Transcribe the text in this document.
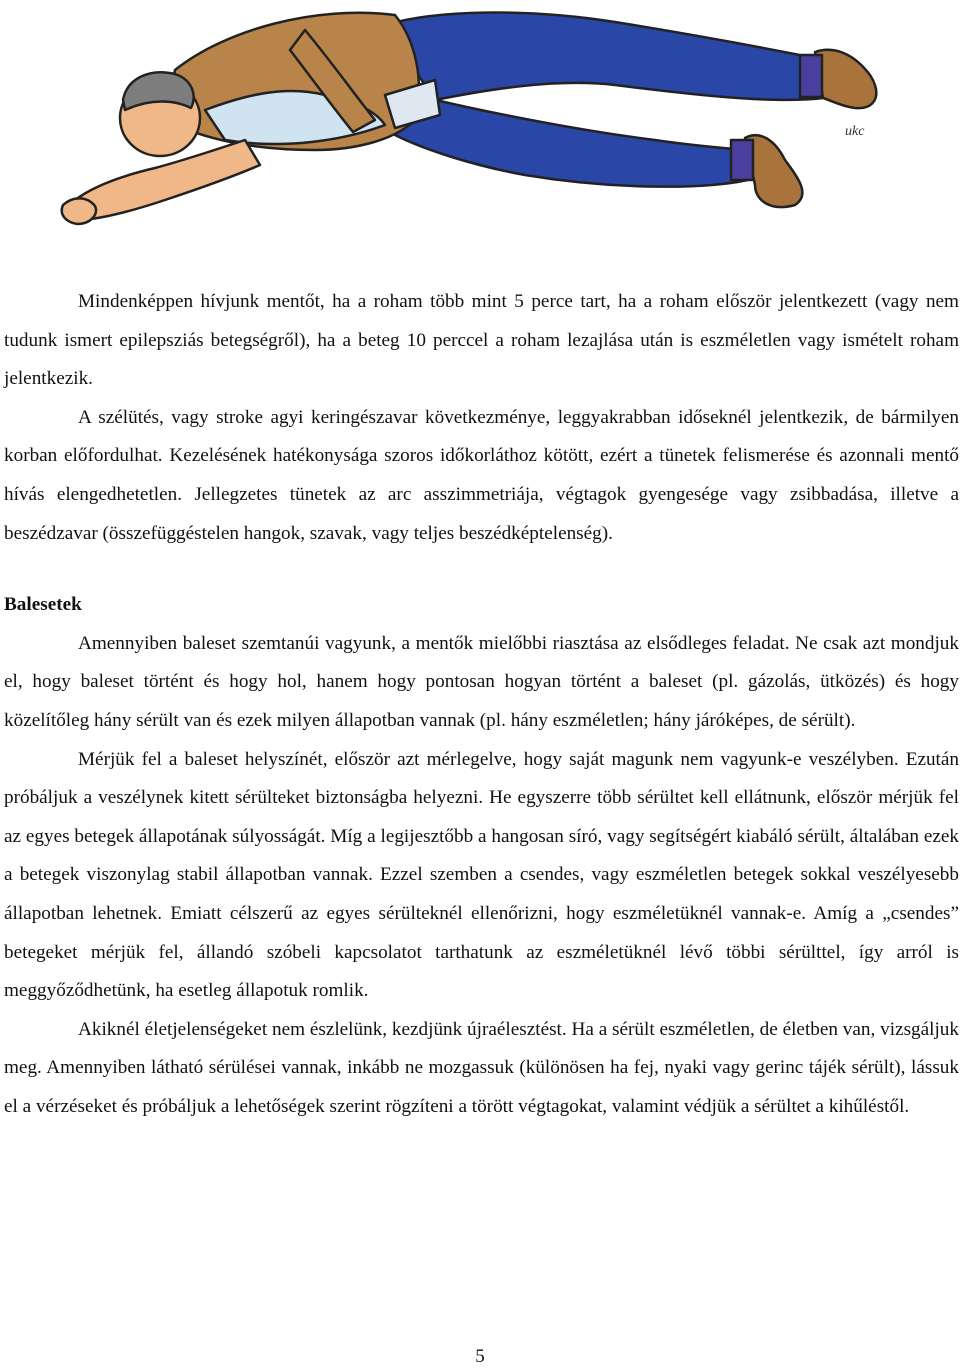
ukc

Mindenképpen hívjunk mentőt, ha a roham több mint 5 perce tart, ha a roham először jelentkezett (vagy nem tudunk ismert epilepsziás betegségről), ha a beteg 10 perccel a roham lezajlása után is eszméletlen vagy ismételt roham jelentkezik.

A szélütés, vagy stroke agyi keringészavar következménye, leggyakrabban időseknél jelentkezik, de bármilyen korban előfordulhat. Kezelésének hatékonysága szoros időkorláthoz kötött, ezért a tünetek felismerése és azonnali mentő hívás elengedhetetlen. Jellegzetes tünetek az arc asszimmetriája, végtagok gyengesége vagy zsibbadása, illetve a beszédzavar (összefüggéstelen hangok, szavak, vagy teljes beszédképtelenség).

Balesetek

Amennyiben baleset szemtanúi vagyunk, a mentők mielőbbi riasztása az elsődleges feladat. Ne csak azt mondjuk el, hogy baleset történt és hogy hol, hanem hogy pontosan hogyan történt a baleset (pl. gázolás, ütközés) és hogy közelítőleg hány sérült van és ezek milyen állapotban vannak (pl. hány eszméletlen; hány járóképes, de sérült).

Mérjük fel a baleset helyszínét, először azt mérlegelve, hogy saját magunk nem vagyunk-e veszélyben. Ezután próbáljuk a veszélynek kitett sérülteket biztonságba helyezni. He egyszerre több sérültet kell ellátnunk, először mérjük fel az egyes betegek állapotának súlyosságát. Míg a legijesztőbb a hangosan síró, vagy segítségért kiabáló sérült, általában ezek a betegek viszonylag stabil állapotban vannak. Ezzel szemben a csendes, vagy eszméletlen betegek sokkal veszélyesebb állapotban lehetnek. Emiatt célszerű az egyes sérülteknél ellenőrizni, hogy eszméletüknél vannak-e. Amíg a „csendes” betegeket mérjük fel, állandó szóbeli kapcsolatot tarthatunk az eszméletüknél lévő többi sérülttel, így arról is meggyőződhetünk, ha esetleg állapotuk romlik.

Akiknél életjelenségeket nem észlelünk, kezdjünk újraélesztést. Ha a sérült eszméletlen, de életben van, vizsgáljuk meg. Amennyiben látható sérülései vannak, inkább ne mozgassuk (különösen ha fej, nyaki vagy gerinc tájék sérült), lássuk el a vérzéseket és próbáljuk a lehetőségek szerint rögzíteni a törött végtagokat, valamint védjük a sérültet a kihűléstől.

5
